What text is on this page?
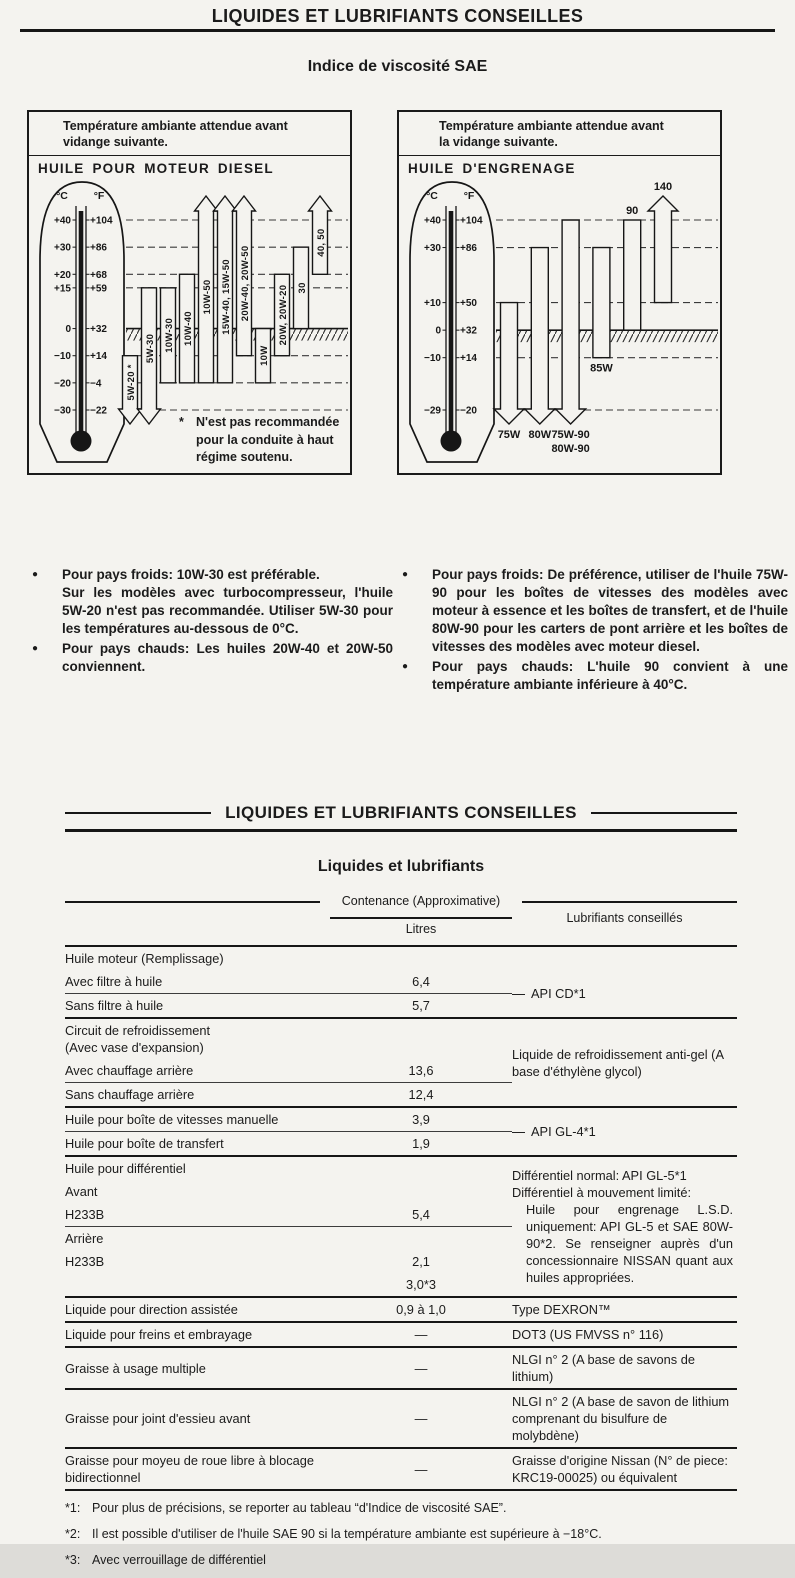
LIQUIDES ET LUBRIFIANTS CONSEILLES
Indice de viscosité SAE
Température ambiante attendue avant
vidange suivante.
HUILE POUR MOTEUR DIESEL
°C °F
+40 +104
+30 +86
+20 +68
+15 +59
0 +32
−10 +14
−20 −4
−30 −22
5W-20 *
5W-30 10W-30 10W-40
10W-50 15W-40, 15W-50 20W-40, 20W-50
10W
20W, 20W-20 30
40, 50
* N'est pas recommandée pour la conduite à haut régime soutenu.
Température ambiante attendue avant
la vidange suivante.
HUILE D'ENGRENAGE
°C °F
+40 +104
+30 +86
+10 +50
0 +32
−10 +14
−29 −20
75W 80W 75W-90
80W-90
85W
90
140
●	Pour pays froids: 10W-30 est préférable.
Sur les modèles avec turbocompresseur, l'huile 5W-20 n'est pas recommandée. Utiliser 5W-30 pour les températures au-dessous de 0°C.
●	Pour pays chauds: Les huiles 20W-40 et 20W-50 conviennent.
●	Pour pays froids: De préférence, utiliser de l'huile 75W-90 pour les boîtes de vitesses des modèles avec moteur à essence et les boîtes de transfert, et de l'huile 80W-90 pour les carters de pont arrière et les boîtes de vitesses des modèles avec moteur diesel.
●	Pour pays chauds: L'huile 90 convient à une température ambiante inférieure à 40°C.
LIQUIDES ET LUBRIFIANTS CONSEILLES
Liquides et lubrifiants
Contenance (Approximative)
Litres
Lubrifiants conseillés
Huile moteur (Remplissage)		
Avec filtre à huile	6,4	API CD*1
Sans filtre à huile	5,7	

Circuit de refroidissement
(Avec vase d'expansion)		Liquide de refroidissement anti-gel (A base d'éthylène glycol)
Avec chauffage arrière	13,6	
Sans chauffage arrière	12,4	
Huile pour boîte de vitesses manuelle	3,9	API GL-4*1
Huile pour boîte de transfert	1,9	
Huile pour différentiel		Différentiel normal: API GL-5*1
Différentiel à mouvement limité:
Huile pour engrenage L.S.D. uniquement: API GL-5 et SAE 80W-90*2. Se renseigner auprès d'un concessionnaire NISSAN quant aux huiles appropriées.

Avant		
H233B	5,4	
Arrière		
H233B	2,1	
	3,0*3	
Liquide pour direction assistée	0,9 à 1,0	Type DEXRON™
Liquide pour freins et embrayage	—	DOT3 (US FMVSS n° 116)
Graisse à usage multiple	—	NLGI n° 2 (A base de savons de lithium)
Graisse pour joint d'essieu avant	—	NLGI n° 2 (A base de savon de lithium comprenant du bisulfure de molybdène)
Graisse pour moyeu de roue libre à blocage bidirectionnel	—	Graisse d'origine Nissan (N° de piece: KRC19-00025) ou équivalent
*1: Pour plus de précisions, se reporter au tableau “d'Indice de viscosité SAE”.
*2: Il est possible d'utiliser de l'huile SAE 90 si la température ambiante est supérieure à −18°C.
*3: Avec verrouillage de différentiel
